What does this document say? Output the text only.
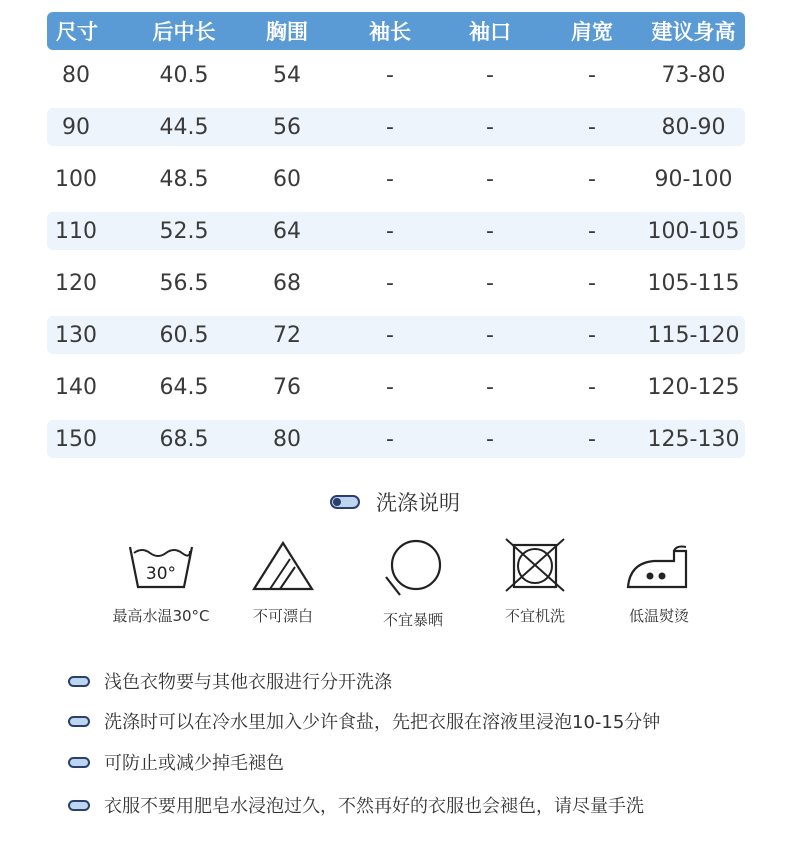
尺寸	后中长	胸围	袖长	袖口	肩宽	建议身高
80	40.5	54	-	-	-	73-80
90	44.5	56	-	-	-	80-90
100	48.5	60	-	-	-	90-100
110	52.5	64	-	-	-	100-105
120	56.5	68	-	-	-	105-115
130	60.5	72	-	-	-	115-120
140	64.5	76	-	-	-	120-125
150	68.5	80	-	-	-	125-130
洗涤说明
30°
最高水温30°C	不可漂白	不宜暴晒	不宜机洗	低温熨烫
浅色衣物要与其他衣服进行分开洗涤
洗涤时可以在冷水里加入少许食盐，先把衣服在溶液里浸泡10-15分钟
可防止或减少掉毛褪色
衣服不要用肥皂水浸泡过久，不然再好的衣服也会褪色，请尽量手洗
